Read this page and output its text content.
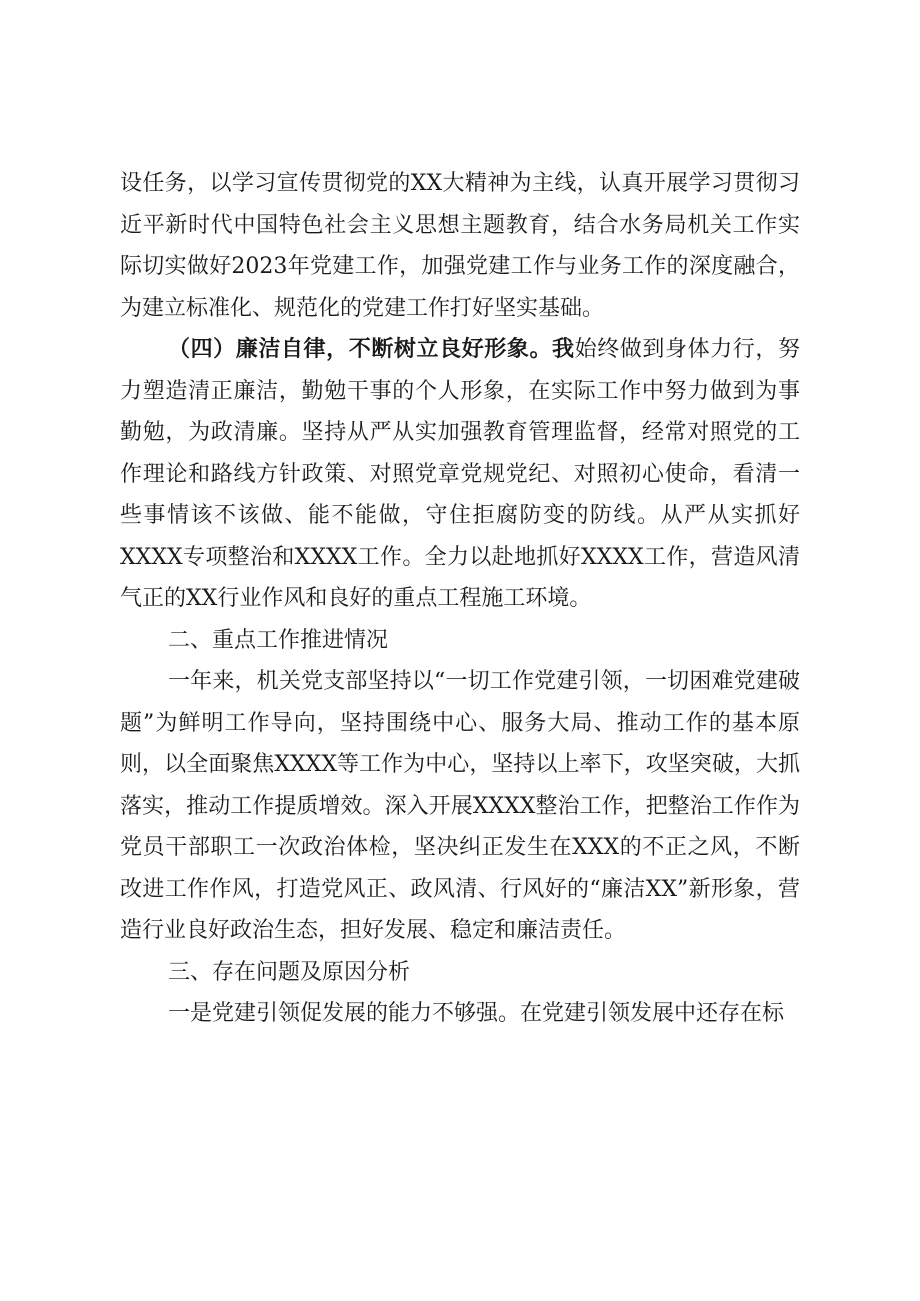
设任务，以学习宣传贯彻党的XX大精神为主线，认真开展学习贯彻习近平新时代中国特色社会主义思想主题教育，结合水务局机关工作实际切实做好2023年党建工作，加强党建工作与业务工作的深度融合，为建立标准化、规范化的党建工作打好坚实基础。

（四）廉洁自律，不断树立良好形象。我始终做到身体力行，努力塑造清正廉洁，勤勉干事的个人形象，在实际工作中努力做到为事勤勉，为政清廉。坚持从严从实加强教育管理监督，经常对照党的工作理论和路线方针政策、对照党章党规党纪、对照初心使命，看清一些事情该不该做、能不能做，守住拒腐防变的防线。从严从实抓好XXXX专项整治和XXXX工作。全力以赴地抓好XXXX工作，营造风清气正的XX行业作风和良好的重点工程施工环境。

二、重点工作推进情况

一年来，机关党支部坚持以“一切工作党建引领，一切困难党建破题”为鲜明工作导向，坚持围绕中心、服务大局、推动工作的基本原则，以全面聚焦XXXX等工作为中心，坚持以上率下，攻坚突破，大抓落实，推动工作提质增效。深入开展XXXX整治工作，把整治工作作为党员干部职工一次政治体检，坚决纠正发生在XXX的不正之风，不断改进工作作风，打造党风正、政风清、行风好的“廉洁XX”新形象，营造行业良好政治生态，担好发展、稳定和廉洁责任。

三、存在问题及原因分析

一是党建引领促发展的能力不够强。在党建引领发展中还存在标
